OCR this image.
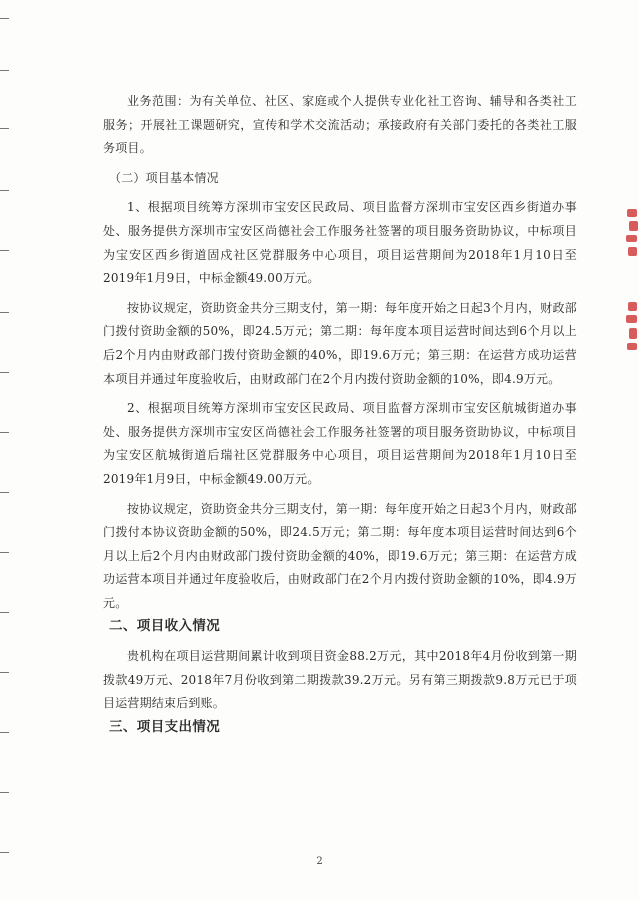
业务范围：为有关单位、社区、家庭或个人提供专业化社工咨询、辅导和各类社工服务；开展社工课题研究，宣传和学术交流活动；承接政府有关部门委托的各类社工服务项目。

（二）项目基本情况

1、根据项目统筹方深圳市宝安区民政局、项目监督方深圳市宝安区西乡街道办事处、服务提供方深圳市宝安区尚德社会工作服务社签署的项目服务资助协议，中标项目为宝安区西乡街道固戍社区党群服务中心项目，项目运营期间为2018年1月10日至2019年1月9日，中标金额49.00万元。

按协议规定，资助资金共分三期支付，第一期：每年度开始之日起3个月内，财政部门拨付资助金额的50%，即24.5万元；第二期：每年度本项目运营时间达到6个月以上后2个月内由财政部门拨付资助金额的40%，即19.6万元；第三期：在运营方成功运营本项目并通过年度验收后，由财政部门在2个月内拨付资助金额的10%，即4.9万元。

2、根据项目统筹方深圳市宝安区民政局、项目监督方深圳市宝安区航城街道办事处、服务提供方深圳市宝安区尚德社会工作服务社签署的项目服务资助协议，中标项目为宝安区航城街道后瑞社区党群服务中心项目，项目运营期间为2018年1月10日至2019年1月9日，中标金额49.00万元。

按协议规定，资助资金共分三期支付，第一期：每年度开始之日起3个月内，财政部门拨付本协议资助金额的50%，即24.5万元；第二期：每年度本项目运营时间达到6个月以上后2个月内由财政部门拨付资助金额的40%，即19.6万元；第三期：在运营方成功运营本项目并通过年度验收后，由财政部门在2个月内拨付资助金额的10%，即4.9万元。

二、项目收入情况

贵机构在项目运营期间累计收到项目资金88.2万元，其中2018年4月份收到第一期拨款49万元、2018年7月份收到第二期拨款39.2万元。另有第三期拨款9.8万元已于项目运营期结束后到账。

三、项目支出情况
2
